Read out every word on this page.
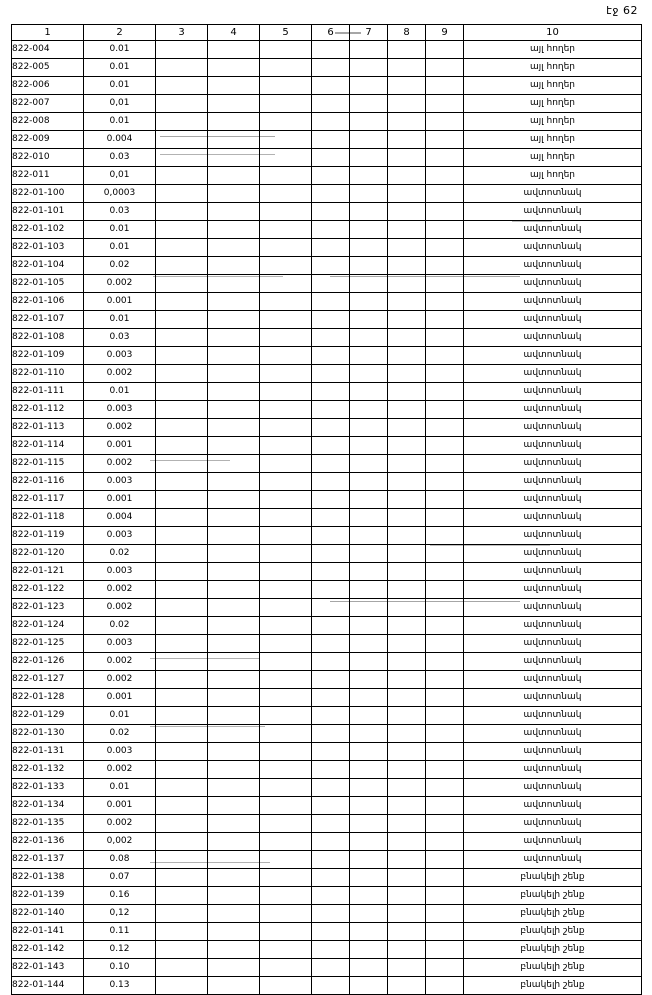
էջ 62
1	2	3	4	5	6	7	8	9	10
822-004	0.01								այլ հողեր
822-005	0.01								այլ հողեր
822-006	0.01								այլ հողեր
822-007	0,01								այլ հողեր
822-008	0.01								այլ հողեր
822-009	0.004								այլ հողեր
822-010	0.03								այլ հողեր
822-011	0,01								այլ հողեր
822-01-100	0,0003								ավտոտնակ
822-01-101	0.03								ավտոտնակ
822-01-102	0.01								ավտոտնակ
822-01-103	0.01								ավտոտնակ
822-01-104	0.02								ավտոտնակ
822-01-105	0.002								ավտոտնակ
822-01-106	0.001								ավտոտնակ
822-01-107	0.01								ավտոտնակ
822-01-108	0.03								ավտոտնակ
822-01-109	0.003								ավտոտնակ
822-01-110	0.002								ավտոտնակ
822-01-111	0.01								ավտոտնակ
822-01-112	0.003								ավտոտնակ
822-01-113	0.002								ավտոտնակ
822-01-114	0.001								ավտոտնակ
822-01-115	0.002								ավտոտնակ
822-01-116	0.003								ավտոտնակ
822-01-117	0.001								ավտոտնակ
822-01-118	0.004								ավտոտնակ
822-01-119	0.003								ավտոտնակ
822-01-120	0.02								ավտոտնակ
822-01-121	0.003								ավտոտնակ
822-01-122	0.002								ավտոտնակ
822-01-123	0.002								ավտոտնակ
822-01-124	0.02								ավտոտնակ
822-01-125	0.003								ավտոտնակ
822-01-126	0.002								ավտոտնակ
822-01-127	0.002								ավտոտնակ
822-01-128	0.001								ավտոտնակ
822-01-129	0.01								ավտոտնակ
822-01-130	0.02								ավտոտնակ
822-01-131	0.003								ավտոտնակ
822-01-132	0.002								ավտոտնակ
822-01-133	0.01								ավտոտնակ
822-01-134	0.001								ավտոտնակ
822-01-135	0.002								ավտոտնակ
822-01-136	0,002								ավտոտնակ
822-01-137	0.08								ավտոտնակ
822-01-138	0.07								բնակելի շենք
822-01-139	0.16								բնակելի շենք
822-01-140	0,12								բնակելի շենք
822-01-141	0.11								բնակելի շենք
822-01-142	0.12								բնակելի շենք
822-01-143	0.10								բնակելի շենք
822-01-144	0.13								բնակելի շենք
